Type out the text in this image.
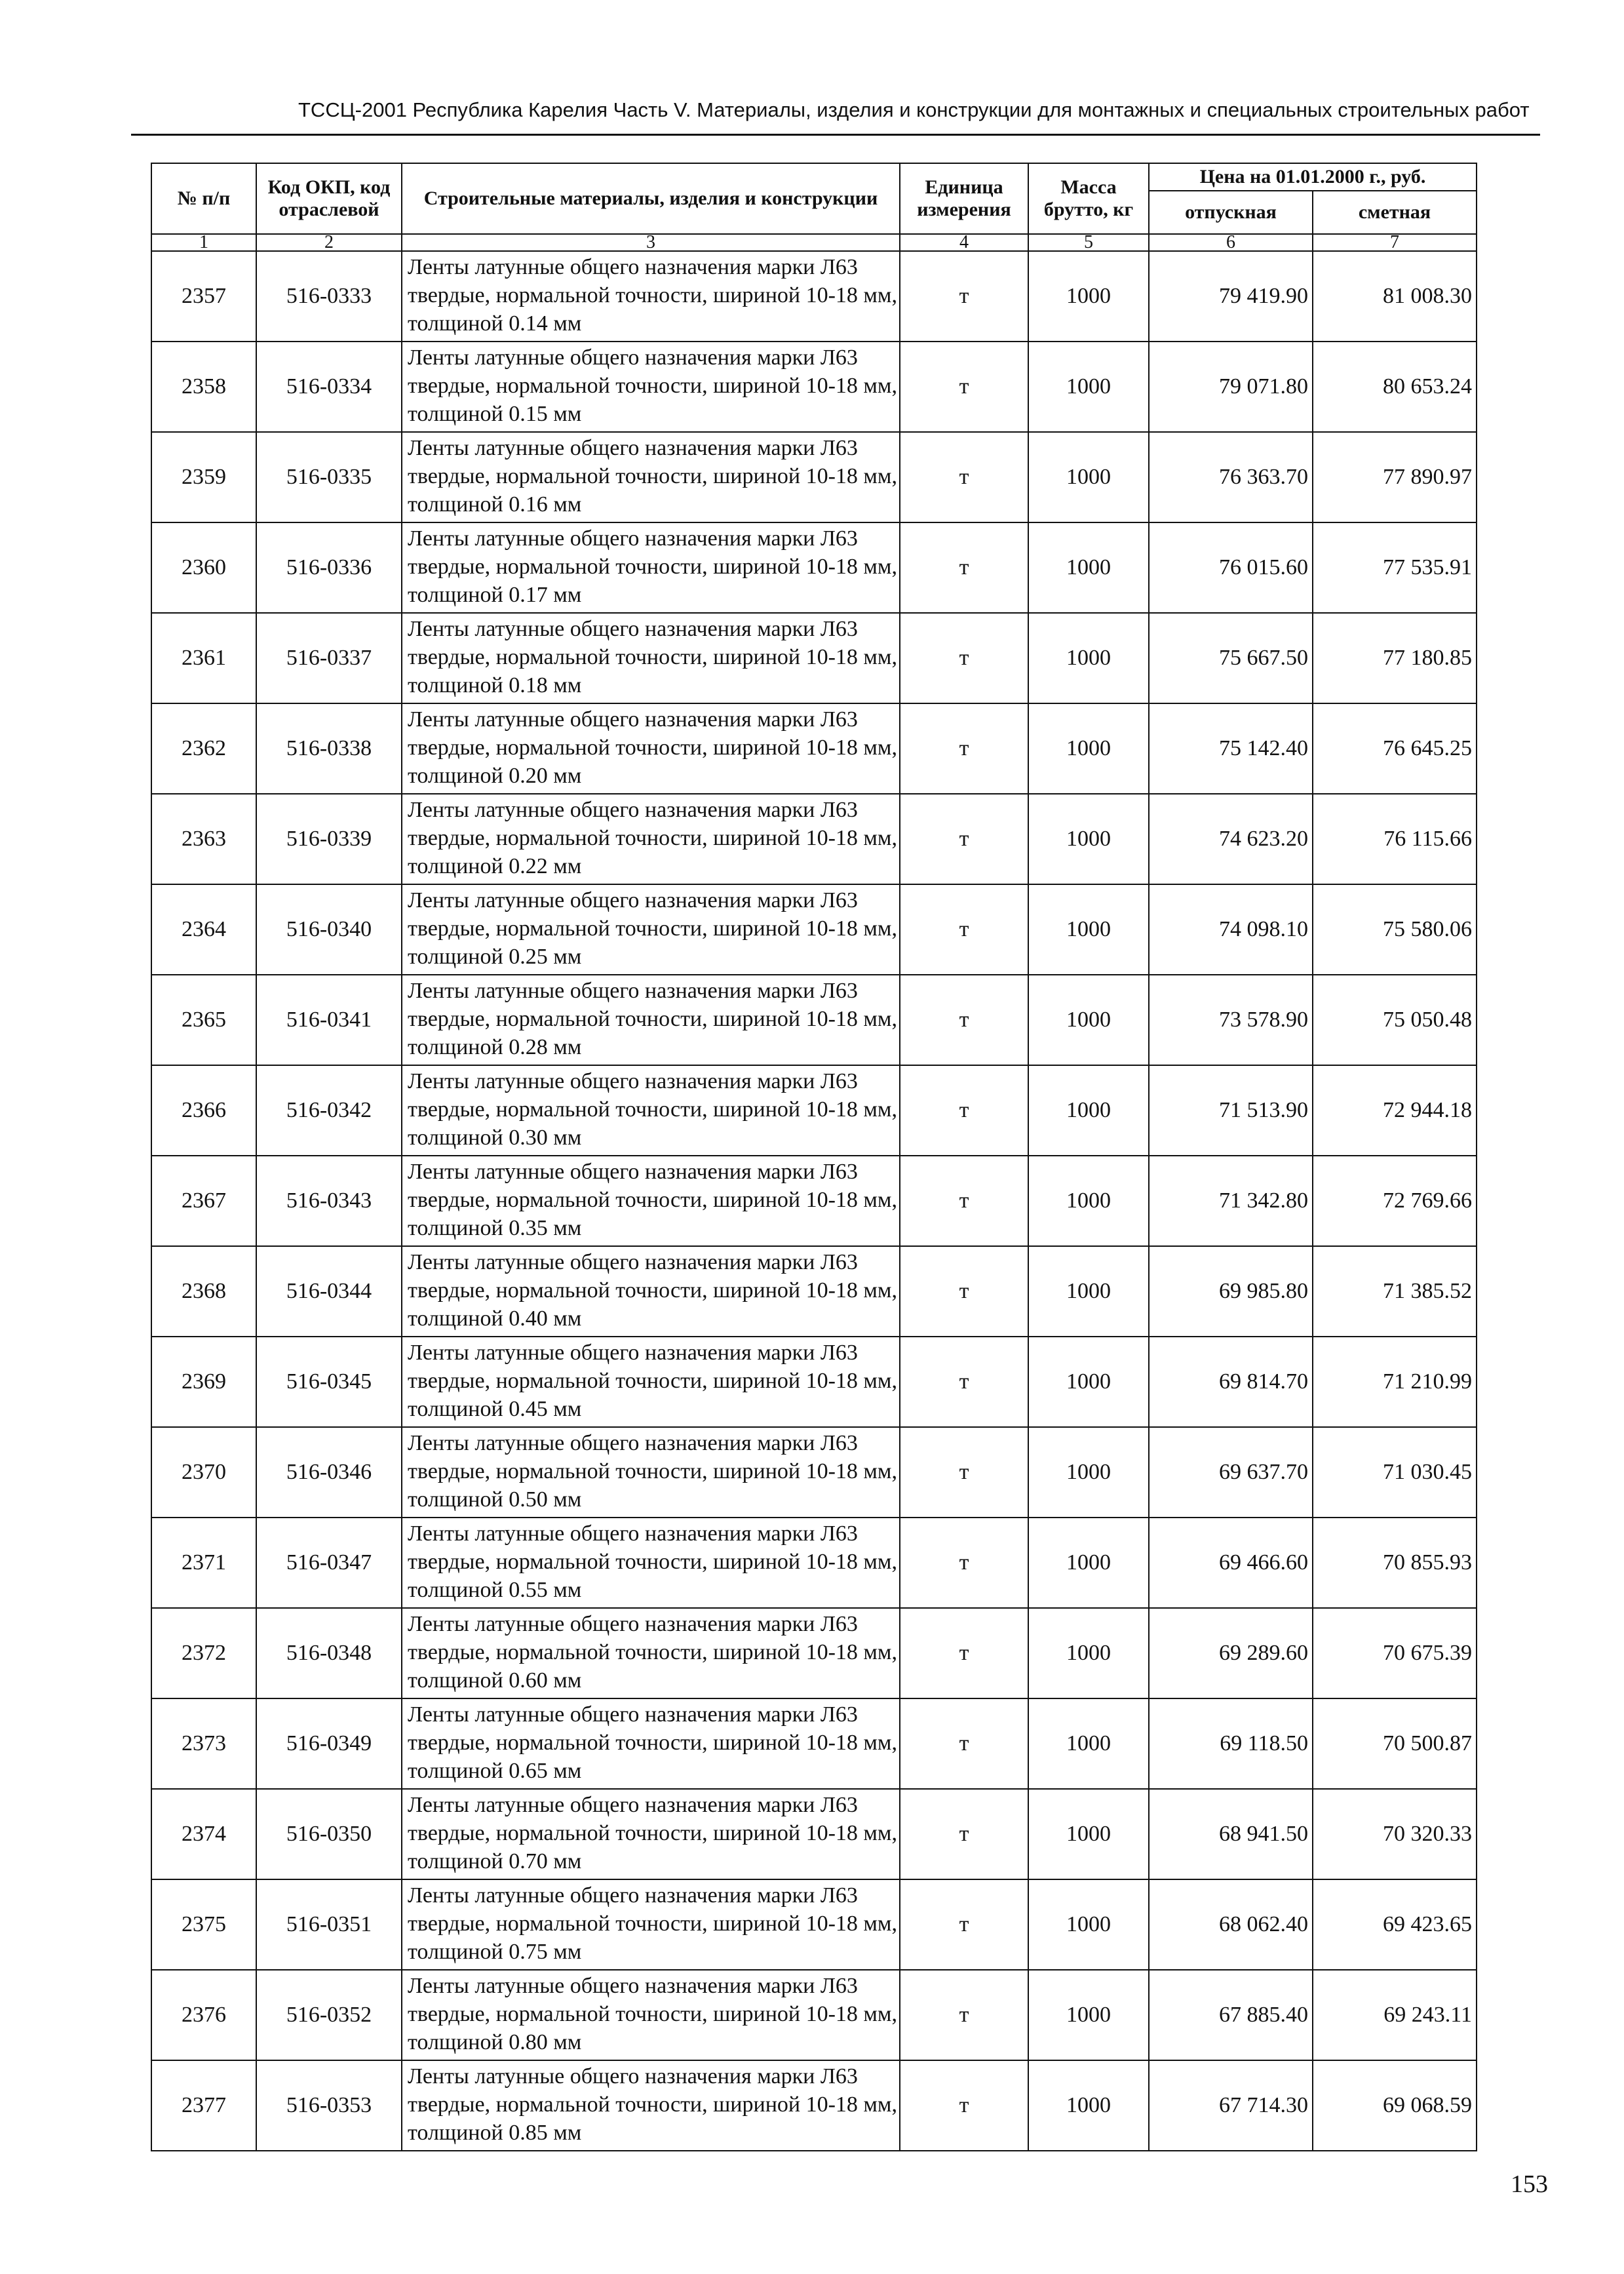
ТССЦ-2001 Республика Карелия Часть V. Материалы, изделия и конструкции для монтажных и специальных строительных работ
№ п/п	Код ОКП, код отраслевой	Строительные материалы, изделия и конструкции	Единица измерения	Масса брутто, кг	Цена на 01.01.2000 г., руб.	
					отпускная	сметная
1	2	3	4	5	6	7
2357	516-0333	Ленты латунные общего назначения марки Л63 твердые, нормальной точности, шириной 10-18 мм, толщиной 0.14 мм	т	1000	79 419.90	81 008.30
2358	516-0334	Ленты латунные общего назначения марки Л63 твердые, нормальной точности, шириной 10-18 мм, толщиной 0.15 мм	т	1000	79 071.80	80 653.24
2359	516-0335	Ленты латунные общего назначения марки Л63 твердые, нормальной точности, шириной 10-18 мм, толщиной 0.16 мм	т	1000	76 363.70	77 890.97
2360	516-0336	Ленты латунные общего назначения марки Л63 твердые, нормальной точности, шириной 10-18 мм, толщиной 0.17 мм	т	1000	76 015.60	77 535.91
2361	516-0337	Ленты латунные общего назначения марки Л63 твердые, нормальной точности, шириной 10-18 мм, толщиной 0.18 мм	т	1000	75 667.50	77 180.85
2362	516-0338	Ленты латунные общего назначения марки Л63 твердые, нормальной точности, шириной 10-18 мм, толщиной 0.20 мм	т	1000	75 142.40	76 645.25
2363	516-0339	Ленты латунные общего назначения марки Л63 твердые, нормальной точности, шириной 10-18 мм, толщиной 0.22 мм	т	1000	74 623.20	76 115.66
2364	516-0340	Ленты латунные общего назначения марки Л63 твердые, нормальной точности, шириной 10-18 мм, толщиной 0.25 мм	т	1000	74 098.10	75 580.06
2365	516-0341	Ленты латунные общего назначения марки Л63 твердые, нормальной точности, шириной 10-18 мм, толщиной 0.28 мм	т	1000	73 578.90	75 050.48
2366	516-0342	Ленты латунные общего назначения марки Л63 твердые, нормальной точности, шириной 10-18 мм, толщиной 0.30 мм	т	1000	71 513.90	72 944.18
2367	516-0343	Ленты латунные общего назначения марки Л63 твердые, нормальной точности, шириной 10-18 мм, толщиной 0.35 мм	т	1000	71 342.80	72 769.66
2368	516-0344	Ленты латунные общего назначения марки Л63 твердые, нормальной точности, шириной 10-18 мм, толщиной 0.40 мм	т	1000	69 985.80	71 385.52
2369	516-0345	Ленты латунные общего назначения марки Л63 твердые, нормальной точности, шириной 10-18 мм, толщиной 0.45 мм	т	1000	69 814.70	71 210.99
2370	516-0346	Ленты латунные общего назначения марки Л63 твердые, нормальной точности, шириной 10-18 мм, толщиной 0.50 мм	т	1000	69 637.70	71 030.45
2371	516-0347	Ленты латунные общего назначения марки Л63 твердые, нормальной точности, шириной 10-18 мм, толщиной 0.55 мм	т	1000	69 466.60	70 855.93
2372	516-0348	Ленты латунные общего назначения марки Л63 твердые, нормальной точности, шириной 10-18 мм, толщиной 0.60 мм	т	1000	69 289.60	70 675.39
2373	516-0349	Ленты латунные общего назначения марки Л63 твердые, нормальной точности, шириной 10-18 мм, толщиной 0.65 мм	т	1000	69 118.50	70 500.87
2374	516-0350	Ленты латунные общего назначения марки Л63 твердые, нормальной точности, шириной 10-18 мм, толщиной 0.70 мм	т	1000	68 941.50	70 320.33
2375	516-0351	Ленты латунные общего назначения марки Л63 твердые, нормальной точности, шириной 10-18 мм, толщиной 0.75 мм	т	1000	68 062.40	69 423.65
2376	516-0352	Ленты латунные общего назначения марки Л63 твердые, нормальной точности, шириной 10-18 мм, толщиной 0.80 мм	т	1000	67 885.40	69 243.11
2377	516-0353	Ленты латунные общего назначения марки Л63 твердые, нормальной точности, шириной 10-18 мм, толщиной 0.85 мм	т	1000	67 714.30	69 068.59
153
